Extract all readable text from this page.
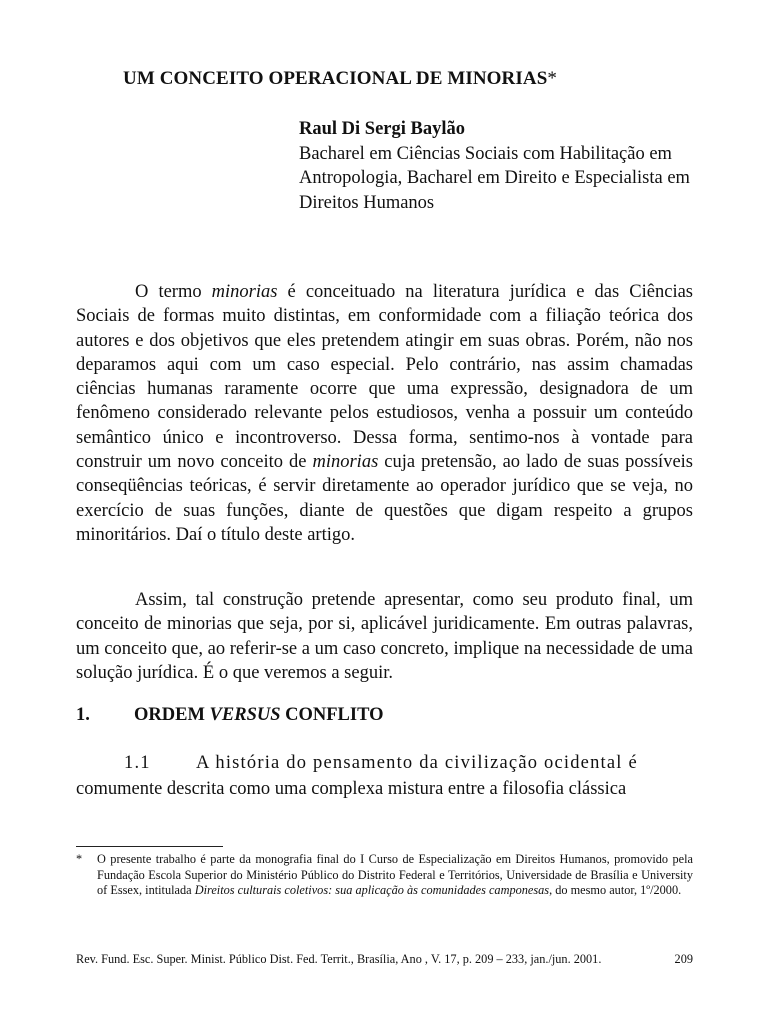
UM CONCEITO OPERACIONAL DE MINORIAS*
Raul Di Sergi Baylão
Bacharel em Ciências Sociais com Habilitação em Antropologia, Bacharel em Direito e Especialista em Direitos Humanos

O termo minorias é conceituado na literatura jurídica e das Ciências Sociais de formas muito distintas, em conformidade com a filiação teórica dos autores e dos objetivos que eles pretendem atingir em suas obras. Porém, não nos deparamos aqui com um caso especial. Pelo contrário, nas assim chamadas ciências humanas raramente ocorre que uma expressão, designadora de um fenômeno considerado relevante pelos estudiosos, venha a possuir um conteúdo semântico único e incontroverso. Dessa forma, sentimo-nos à vontade para construir um novo conceito de minorias cuja pretensão, ao lado de suas possíveis conseqüências teóricas, é servir diretamente ao operador jurídico que se veja, no exercício de suas funções, diante de questões que digam respeito a grupos minoritários. Daí o título deste artigo.

Assim, tal construção pretende apresentar, como seu produto final, um conceito de minorias que seja, por si, aplicável juridicamente. Em outras palavras, um conceito que, ao referir-se a um caso concreto, implique na necessidade de uma solução jurídica. É o que veremos a seguir.

1. ORDEM VERSUS CONFLITO
1.1 A história do pensamento da civilização ocidental é
comumente descrita como uma complexa mistura entre a filosofia clássica
* O presente trabalho é parte da monografia final do I Curso de Especialização em Direitos Humanos, promovido pela Fundação Escola Superior do Ministério Público do Distrito Federal e Territórios, Universidade de Brasília e University of Essex, intitulada Direitos culturais coletivos: sua aplicação às comunidades camponesas, do mesmo autor, 1º/2000.
Rev. Fund. Esc. Super. Minist. Público Dist. Fed. Territ., Brasília, Ano , V. 17, p. 209 – 233, jan./jun. 2001.	209
